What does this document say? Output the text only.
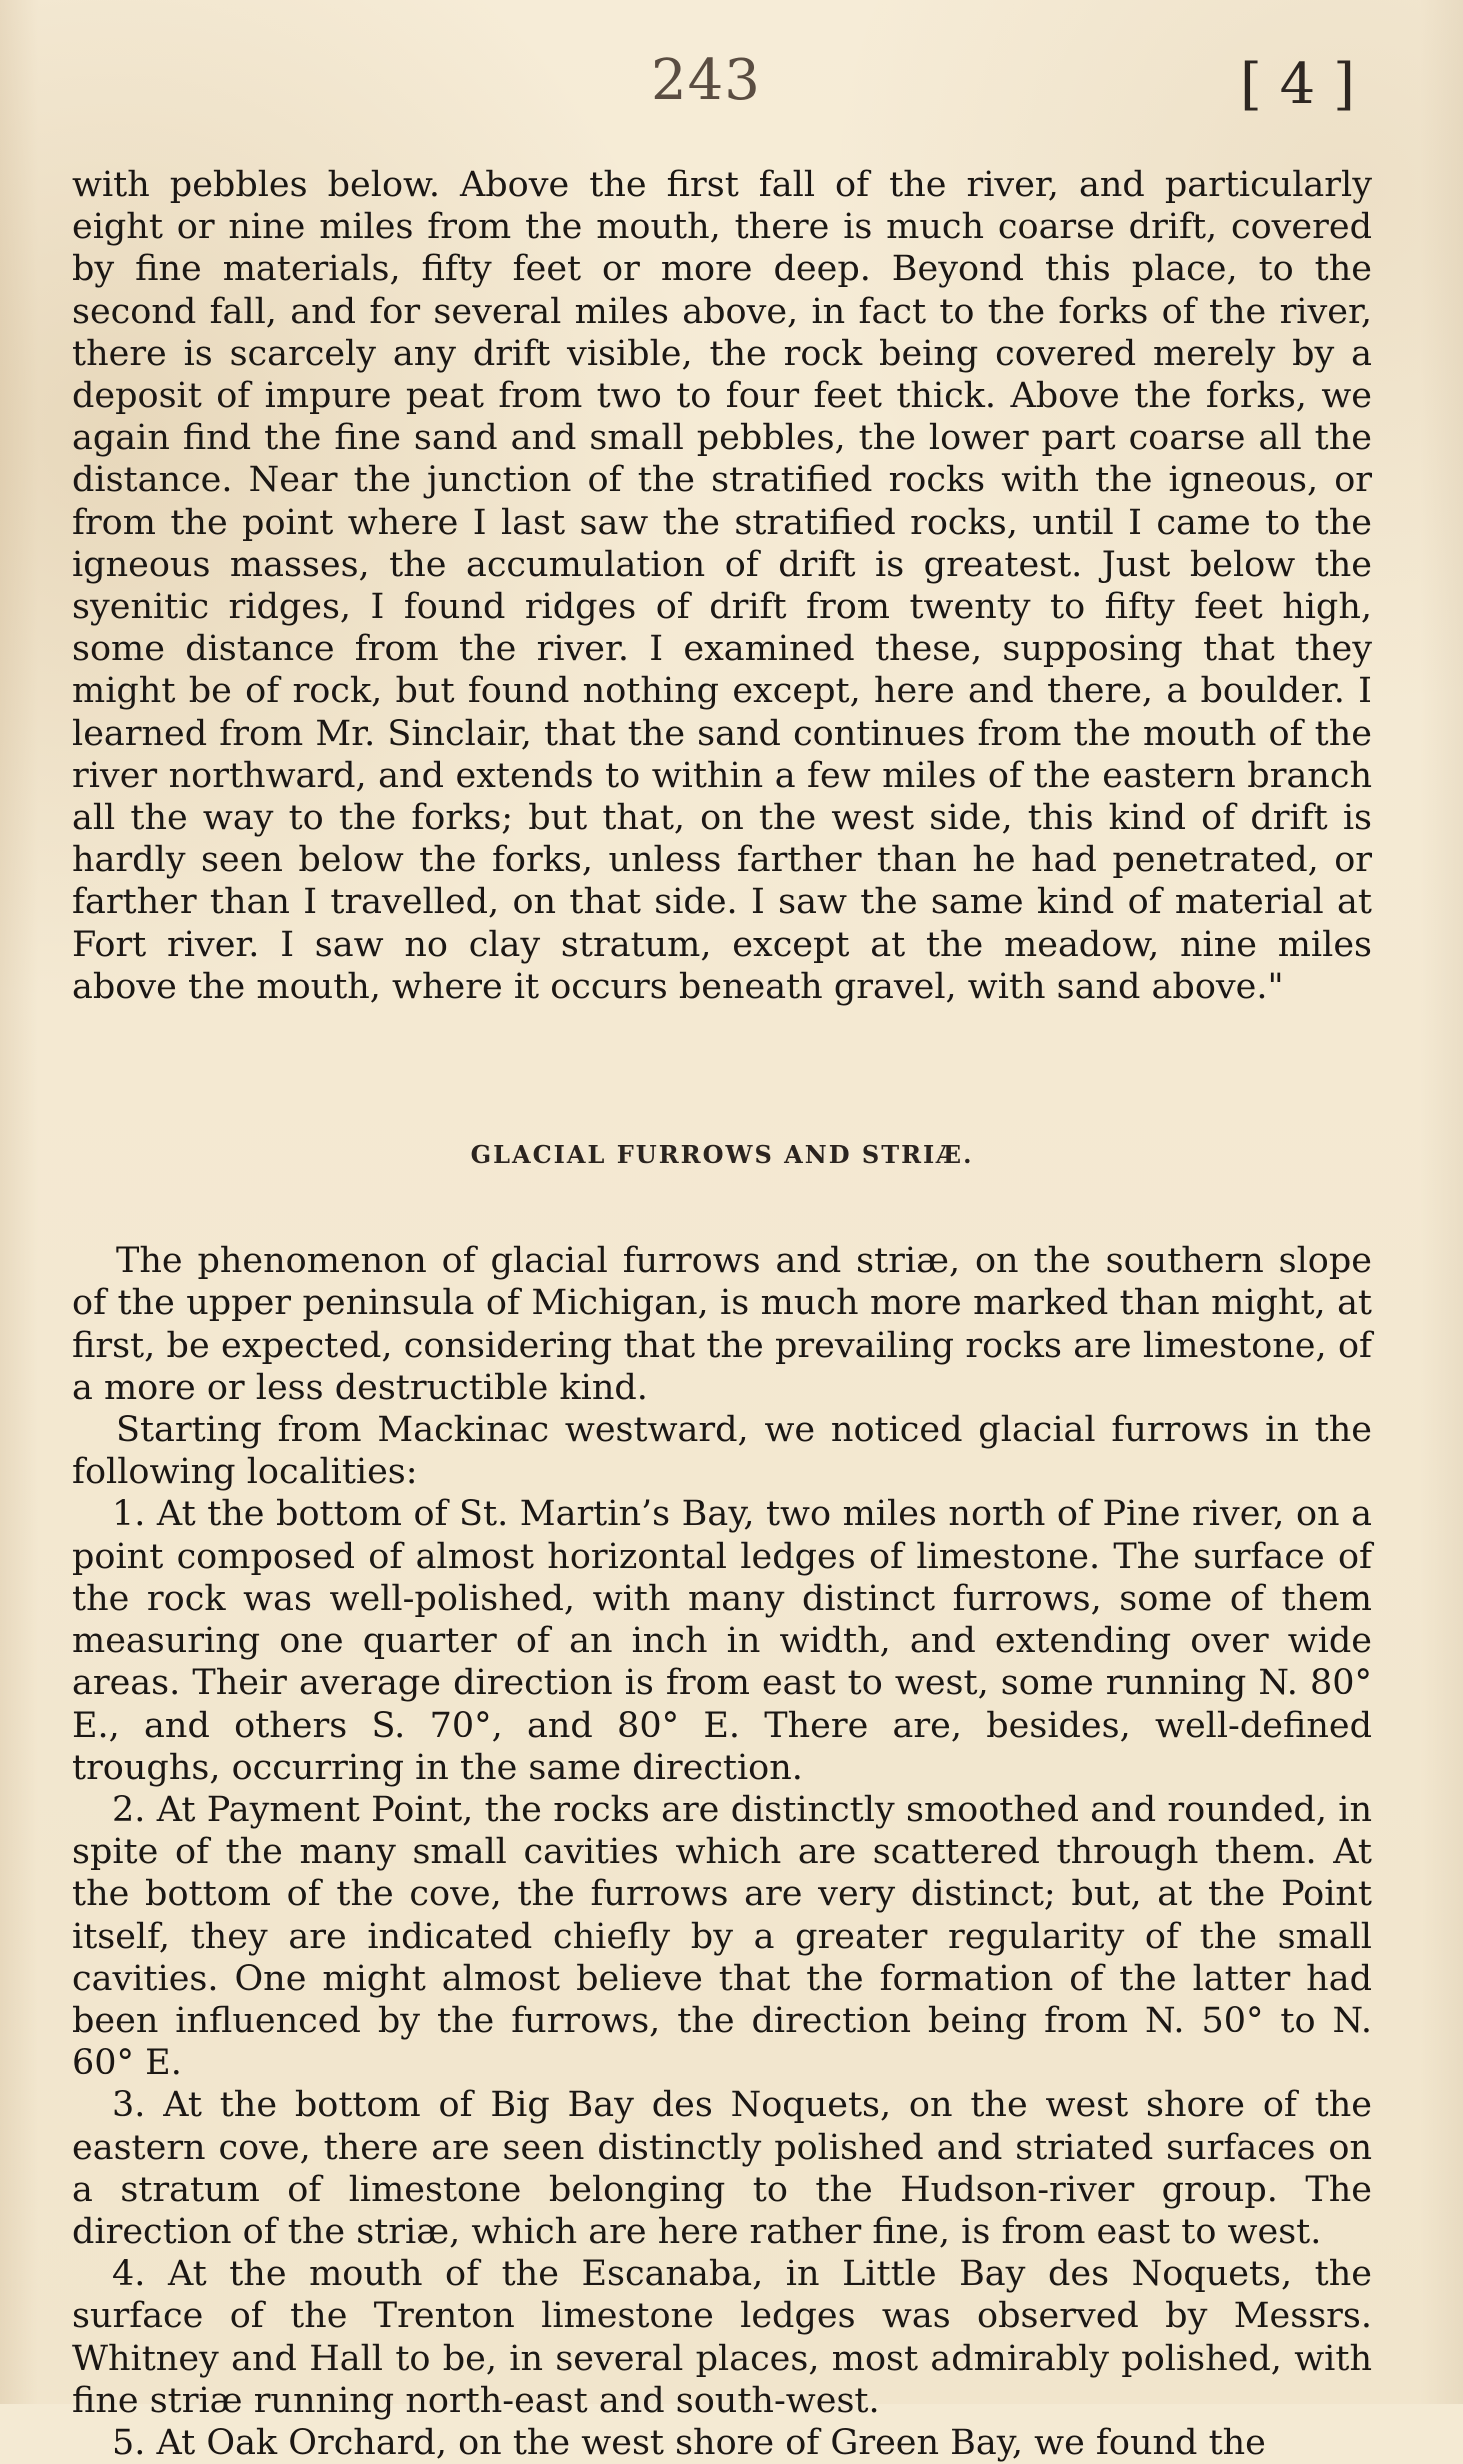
243	[ 4 ]

with pebbles below. Above the first fall of the river, and particularly eight or nine miles from the mouth, there is much coarse drift, covered by fine materials, fifty feet or more deep. Beyond this place, to the second fall, and for several miles above, in fact to the forks of the river, there is scarcely any drift visible, the rock being covered merely by a deposit of impure peat from two to four feet thick. Above the forks, we again find the fine sand and small pebbles, the lower part coarse all the distance. Near the junction of the stratified rocks with the igneous, or from the point where I last saw the stratified rocks, until I came to the igneous masses, the accumulation of drift is greatest. Just below the syenitic ridges, I found ridges of drift from twenty to fifty feet high, some distance from the river. I examined these, supposing that they might be of rock, but found nothing except, here and there, a boulder. I learned from Mr. Sinclair, that the sand continues from the mouth of the river northward, and extends to within a few miles of the eastern branch all the way to the forks; but that, on the west side, this kind of drift is hardly seen below the forks, unless farther than he had penetrated, or farther than I travelled, on that side. I saw the same kind of material at Fort river. I saw no clay stratum, except at the meadow, nine miles above the mouth, where it occurs beneath gravel, with sand above."

GLACIAL FURROWS AND STRIÆ.

The phenomenon of glacial furrows and striæ, on the southern slope of the upper peninsula of Michigan, is much more marked than might, at first, be expected, considering that the prevailing rocks are limestone, of a more or less destructible kind.

Starting from Mackinac westward, we noticed glacial furrows in the following localities:

1. At the bottom of St. Martin’s Bay, two miles north of Pine river, on a point composed of almost horizontal ledges of limestone. The surface of the rock was well-polished, with many distinct furrows, some of them measuring one quarter of an inch in width, and extending over wide areas. Their average direction is from east to west, some running N. 80° E., and others S. 70°, and 80° E. There are, besides, well-defined troughs, occurring in the same direction.

2. At Payment Point, the rocks are distinctly smoothed and rounded, in spite of the many small cavities which are scattered through them. At the bottom of the cove, the furrows are very distinct; but, at the Point itself, they are indicated chiefly by a greater regularity of the small cavities. One might almost believe that the formation of the latter had been influenced by the furrows, the direction being from N. 50° to N. 60° E.

3. At the bottom of Big Bay des Noquets, on the west shore of the eastern cove, there are seen distinctly polished and striated surfaces on a stratum of limestone belonging to the Hudson-river group. The direction of the striæ, which are here rather fine, is from east to west.

4. At the mouth of the Escanaba, in Little Bay des Noquets, the surface of the Trenton limestone ledges was observed by Messrs. Whitney and Hall to be, in several places, most admirably polished, with fine striæ running north-east and south-west.

5. At Oak Orchard, on the west shore of Green Bay, we found the
